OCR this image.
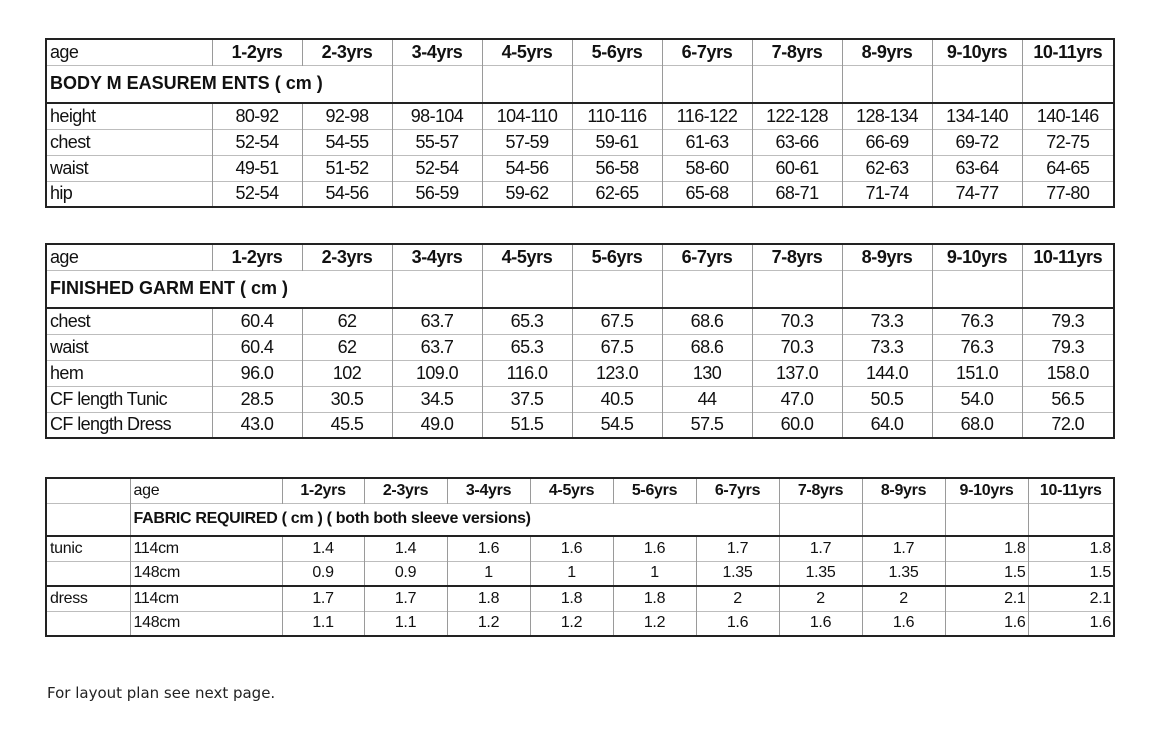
age	1-2yrs	2-3yrs	3-4yrs	4-5yrs	5-6yrs	6-7yrs	7-8yrs	8-9yrs	9-10yrs	10-11yrs
BODY M EASUREM ENTS ( cm )										
height	80-92	92-98	98-104	104-110	110-116	116-122	122-128	128-134	134-140	140-146
chest	52-54	54-55	55-57	57-59	59-61	61-63	63-66	66-69	69-72	72-75
waist	49-51	51-52	52-54	54-56	56-58	58-60	60-61	62-63	63-64	64-65
hip	52-54	54-56	56-59	59-62	62-65	65-68	68-71	71-74	74-77	77-80
age	1-2yrs	2-3yrs	3-4yrs	4-5yrs	5-6yrs	6-7yrs	7-8yrs	8-9yrs	9-10yrs	10-11yrs
FINISHED GARM ENT ( cm )										
chest	60.4	62	63.7	65.3	67.5	68.6	70.3	73.3	76.3	79.3
waist	60.4	62	63.7	65.3	67.5	68.6	70.3	73.3	76.3	79.3
hem	96.0	102	109.0	116.0	123.0	130	137.0	144.0	151.0	158.0
CF length Tunic	28.5	30.5	34.5	37.5	40.5	44	47.0	50.5	54.0	56.5
CF length Dress	43.0	45.5	49.0	51.5	54.5	57.5	60.0	64.0	68.0	72.0
	age	1-2yrs	2-3yrs	3-4yrs	4-5yrs	5-6yrs	6-7yrs	7-8yrs	8-9yrs	9-10yrs	10-11yrs
	FABRIC REQUIRED ( cm ) ( both both sleeve versions)										
tunic	114cm	1.4	1.4	1.6	1.6	1.6	1.7	1.7	1.7	1.8	1.8
	148cm	0.9	0.9	1	1	1	1.35	1.35	1.35	1.5	1.5
dress	114cm	1.7	1.7	1.8	1.8	1.8	2	2	2	2.1	2.1
	148cm	1.1	1.1	1.2	1.2	1.2	1.6	1.6	1.6	1.6	1.6
For layout plan see next page.
